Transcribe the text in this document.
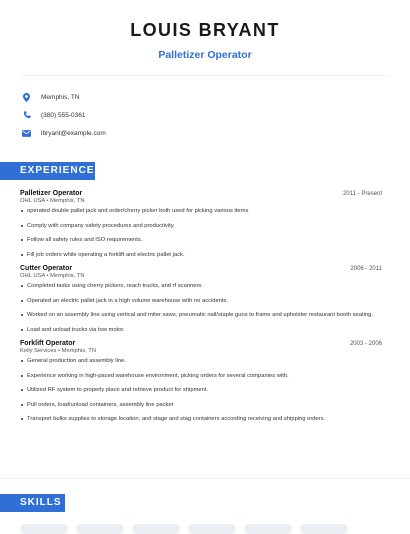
LOUIS BRYANT
Palletizer Operator
Memphis, TN
(380) 555-0361
lbryant@example.com
EXPERIENCE
Palletizer Operator	2011 - Present
OHL USA • Memphis, TN
operated double pallet jack and order/cherry picker both used for picking various items
Comply with company safety procedures and productivity.
Follow all safety rules and ISO requirements.
Fill job orders while operating a forklift and electric pallet jack.
Cutter Operator	2006 - 2011
OHL USA • Memphis, TN
Completed tasks using cherry pickers, reach trucks, and rf scanners.
Operated an electric pallet jack in a high volume warehouse with no accidents.
Worked on an assembly line using vertical and miter saws, pneumatic nail/staple guns to frame and upholster restaurant booth seating.
Load and unload trucks via tow motor.
Forklift Operator	2003 - 2006
Kelly Services • Memphis, TN
General production and assembly line.
Experience working in high-paced warehouse environment, picking orders for several companies with.
Utilized RF system to properly place and retrieve product for shipment.
Pull orders, load/unload containers, assembly line packer
Transport bulks supplies to storage location, and stage and stag containers according receiving and shipping orders.
SKILLS
